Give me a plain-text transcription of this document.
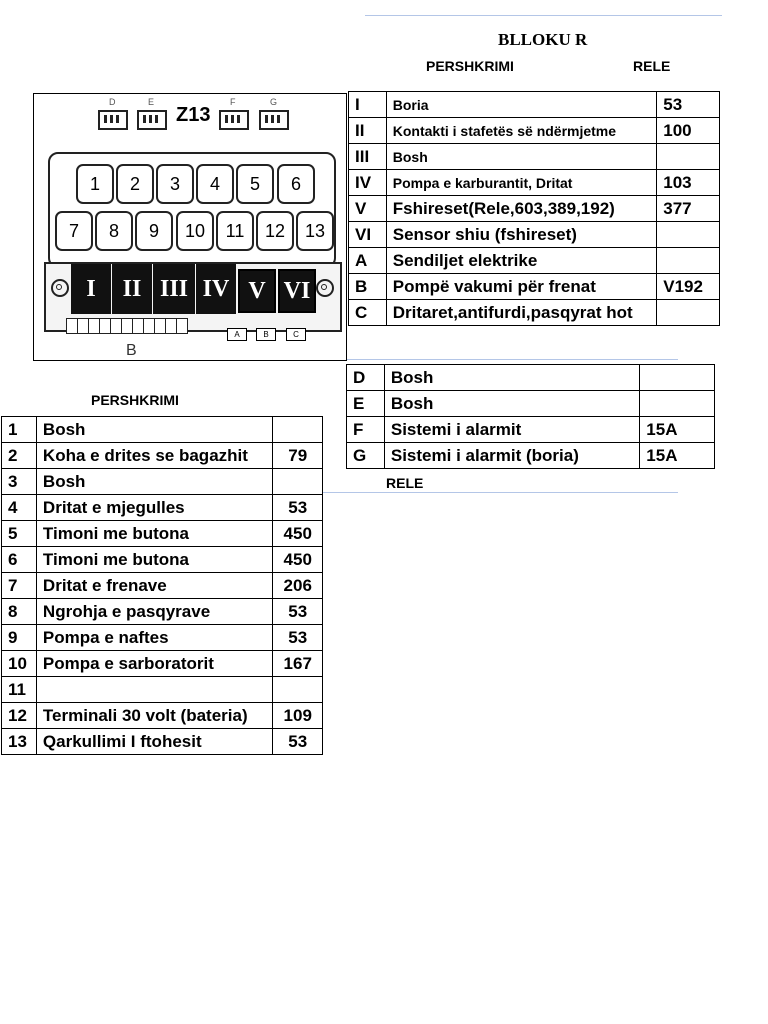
BLLOKU R
PERSHKRIMI	RELE
PERSHKRIMI
RELE
Z13
D	E	F	G
1	2	3	4	5	6
7	8	9	10	11	12	13
I	II III IV V VI
A	B	C
B
I	Boria	53
II	Kontakti i stafetës së ndërmjetme	100
III	Bosh	
IV	Pompa e karburantit, Dritat	103
V	Fshireset(Rele,603,389,192)	377
VI	Sensor shiu (fshireset)	
A	Sendiljet elektrike	
B	Pompë vakumi për frenat	V192
C	Dritaret,antifurdi,pasqyrat hot	
D	Bosh	
E	Bosh	
F	Sistemi i alarmit	15A
G	Sistemi i alarmit (boria)	15A
1	Bosh	
2	Koha e drites se bagazhit	79
3	Bosh	
4	Dritat e mjegulles	53
5	Timoni me butona	450
6	Timoni me butona	450
7	Dritat e frenave	206
8	Ngrohja e pasqyrave	53
9	Pompa e naftes	53
10	Pompa e sarboratorit	167
11		
12	Terminali 30 volt (bateria)	109
13	Qarkullimi I ftohesit	53
